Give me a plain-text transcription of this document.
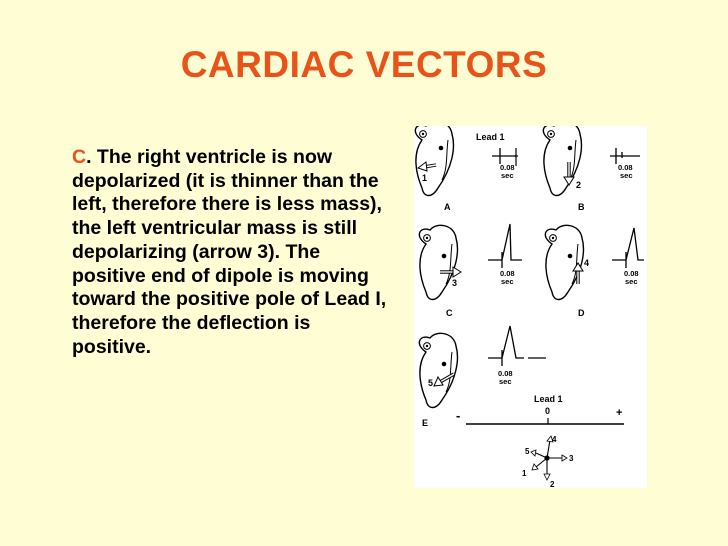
CARDIAC VECTORS
C. The right ventricle is now depolarized (it is thinner than the left, therefore there is less mass), the left ventricular mass is still depolarizing (arrow 3). The positive end of dipole is moving toward the positive pole of Lead I, therefore the deflection is positive.
1
A
0.08
sec
Lead 1
2
B
0.08
sec
3
C
0.08
sec
4
D
0.08
sec
5
E
0.08
sec
Lead 1
0
-	+
1
2
3
4
5
